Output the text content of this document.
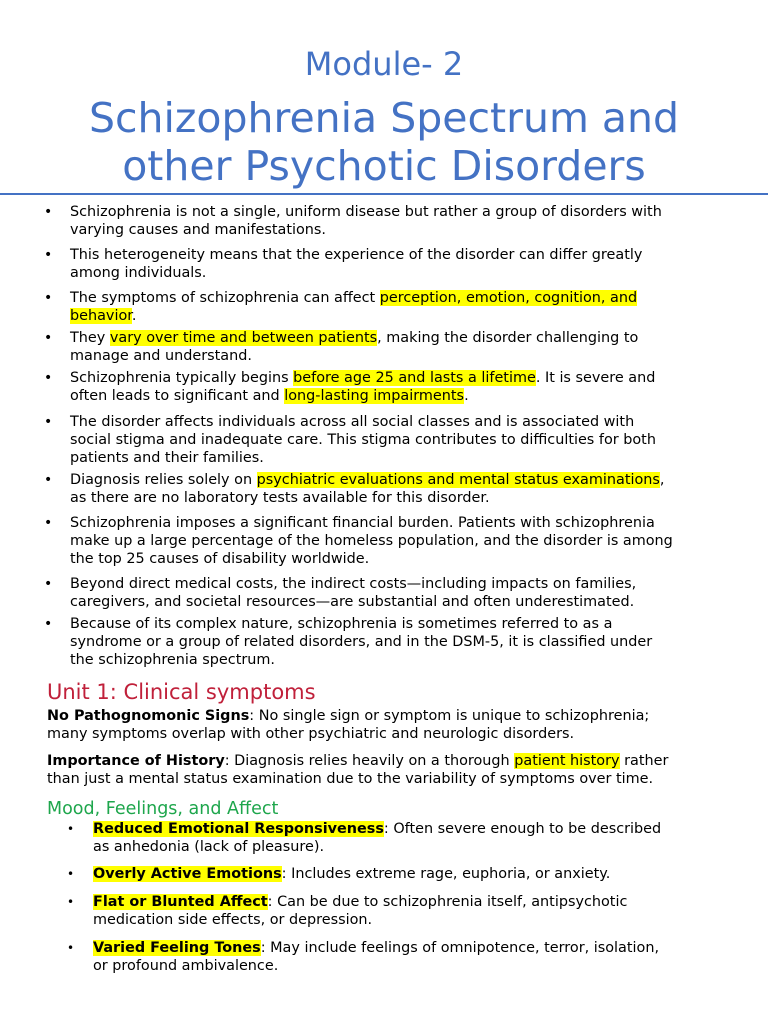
Module- 2
Schizophrenia Spectrum and
other Psychotic Disorders
• Schizophrenia is not a single, uniform disease but rather a group of disorders with
varying causes and manifestations.
• This heterogeneity means that the experience of the disorder can differ greatly
among individuals.
• The symptoms of schizophrenia can affect perception, emotion, cognition, and
behavior.
• They vary over time and between patients, making the disorder challenging to
manage and understand.
• Schizophrenia typically begins before age 25 and lasts a lifetime. It is severe and
often leads to significant and long-lasting impairments.
• The disorder affects individuals across all social classes and is associated with
social stigma and inadequate care. This stigma contributes to difficulties for both
patients and their families.
• Diagnosis relies solely on psychiatric evaluations and mental status examinations,
as there are no laboratory tests available for this disorder.
• Schizophrenia imposes a significant financial burden. Patients with schizophrenia
make up a large percentage of the homeless population, and the disorder is among
the top 25 causes of disability worldwide.
• Beyond direct medical costs, the indirect costs—including impacts on families,
caregivers, and societal resources—are substantial and often underestimated.
• Because of its complex nature, schizophrenia is sometimes referred to as a
syndrome or a group of related disorders, and in the DSM-5, it is classified under
the schizophrenia spectrum.
Unit 1: Clinical symptoms

No Pathognomonic Signs: No single sign or symptom is unique to schizophrenia;
many symptoms overlap with other psychiatric and neurologic disorders.

Importance of History: Diagnosis relies heavily on a thorough patient history rather
than just a mental status examination due to the variability of symptoms over time.

Mood, Feelings, and Affect
• Reduced Emotional Responsiveness: Often severe enough to be described
as anhedonia (lack of pleasure).
• Overly Active Emotions: Includes extreme rage, euphoria, or anxiety.
• Flat or Blunted Affect: Can be due to schizophrenia itself, antipsychotic
medication side effects, or depression.
• Varied Feeling Tones: May include feelings of omnipotence, terror, isolation,
or profound ambivalence.
